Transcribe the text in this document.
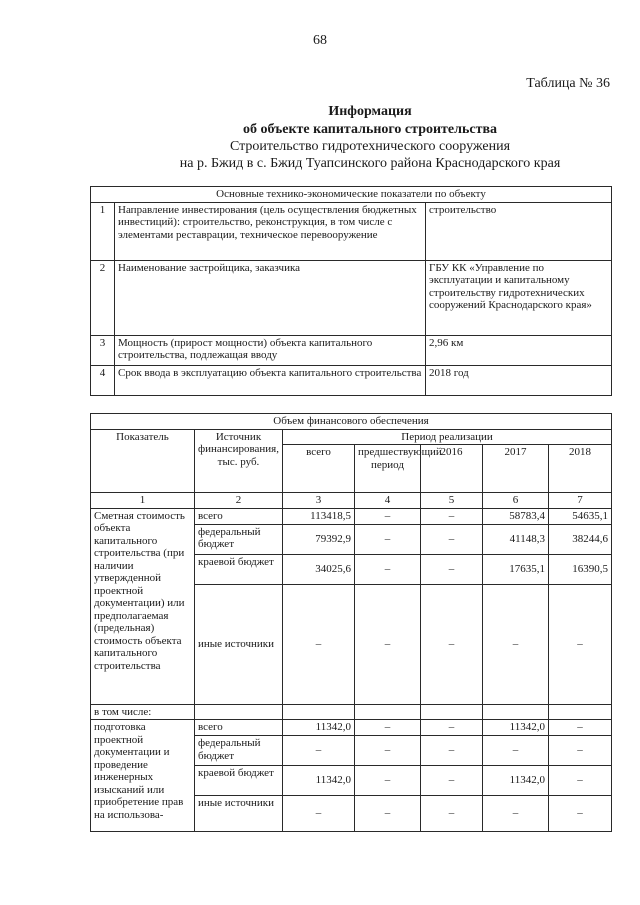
68
Таблица № 36
Информация
об объекте капитального строительства
Строительство гидротехнического сооружения
на р. Бжид в с. Бжид Туапсинского района Краснодарского края
Основные технико-экономические показатели по объекту		
1	Направление инвестирования (цель осуществления бюджетных инвестиций): строительство, реконструкция, в том числе с элементами реставрации, техническое перевооружение	строительство
2	Наименование застройщика, заказчика	ГБУ КК «Управление по эксплуатации и капитальному строительству гидротехнических сооружений Краснодарского края»
3	Мощность (прирост мощности) объекта капитального строительства, подлежащая вводу	2,96 км
4	Срок ввода в эксплуатацию объекта капитального строительства	2018 год
Объем финансового обеспечения						
Показатель	Источник финансирования, тыс. руб.	Период реализации				
		всего	предшествующий период	2016	2017	2018
1	2	3	4	5	6	7
Сметная стоимость объекта капитального строительства (при наличии утвержденной проектной документации) или предполагаемая (предельная) стоимость объекта капитального строительства	всего	113418,5	–	–	58783,4	54635,1
	федеральный бюджет	79392,9	–	–	41148,3	38244,6
	краевой бюджет	34025,6	–	–	17635,1	16390,5
	иные источники	–	–	–	–	–
в том числе:						
подготовка проектной документации и проведение инженерных изысканий или приобретение прав на использова-	всего	11342,0	–	–	11342,0	–
	федеральный бюджет	–	–	–	–	–
	краевой бюджет	11342,0	–	–	11342,0	–
	иные источники	–	–	–	–	–
